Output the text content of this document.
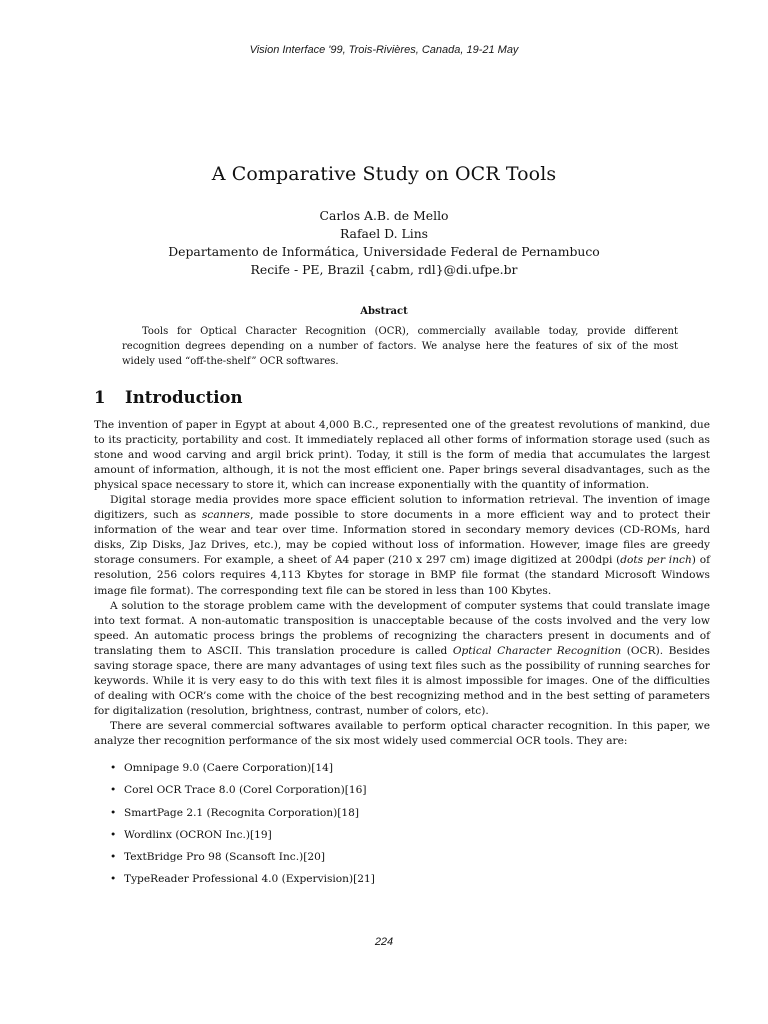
Vision Interface '99, Trois-Rivières, Canada, 19-21 May
A Comparative Study on OCR Tools
Carlos A.B. de Mello
Rafael D. Lins
Departamento de Informática, Universidade Federal de Pernambuco
Recife - PE, Brazil {cabm, rdl}@di.ufpe.br
Abstract
Tools for Optical Character Recognition (OCR), commercially available today, provide different recognition degrees depending on a number of factors. We analyse here the features of six of the most widely used “off-the-shelf” OCR softwares.
1 Introduction

The invention of paper in Egypt at about 4,000 B.C., represented one of the greatest revolutions of mankind, due to its practicity, portability and cost. It immediately replaced all other forms of information storage used (such as stone and wood carving and argil brick print). Today, it still is the form of media that accumulates the largest amount of information, although, it is not the most efficient one. Paper brings several disadvantages, such as the physical space necessary to store it, which can increase exponentially with the quantity of information.

Digital storage media provides more space efficient solution to information retrieval. The invention of image digitizers, such as scanners, made possible to store documents in a more efficient way and to protect their information of the wear and tear over time. Information stored in secondary memory devices (CD-ROMs, hard disks, Zip Disks, Jaz Drives, etc.), may be copied without loss of information. However, image files are greedy storage consumers. For example, a sheet of A4 paper (210 x 297 cm) image digitized at 200dpi (dots per inch) of resolution, 256 colors requires 4,113 Kbytes for storage in BMP file format (the standard Microsoft Windows image file format). The corresponding text file can be stored in less than 100 Kbytes.

A solution to the storage problem came with the development of computer systems that could translate image into text format. A non-automatic transposition is unacceptable because of the costs involved and the very low speed. An automatic process brings the problems of recognizing the characters present in documents and of translating them to ASCII. This translation procedure is called Optical Character Recognition (OCR). Besides saving storage space, there are many advantages of using text files such as the possibility of running searches for keywords. While it is very easy to do this with text files it is almost impossible for images. One of the difficulties of dealing with OCR’s come with the choice of the best recognizing method and in the best setting of parameters for digitalization (resolution, brightness, contrast, number of colors, etc).

There are several commercial softwares available to perform optical character recognition. In this paper, we analyze ther recognition performance of the six most widely used commercial OCR tools. They are:

• Omnipage 9.0 (Caere Corporation)[14]
• Corel OCR Trace 8.0 (Corel Corporation)[16]
• SmartPage 2.1 (Recognita Corporation)[18]
• Wordlinx (OCRON Inc.)[19]
• TextBridge Pro 98 (Scansoft Inc.)[20]
• TypeReader Professional 4.0 (Expervision)[21]
224
